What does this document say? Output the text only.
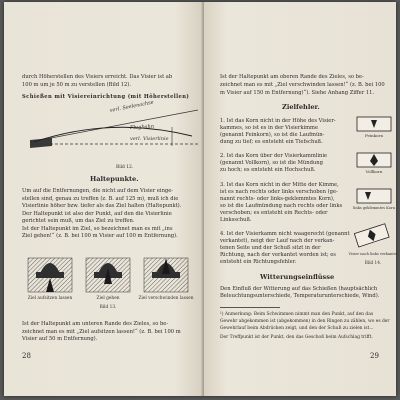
durch Höherstellen des Visiers erreicht. Das Visier ist ab
100 m um je 50 m zu verstellen (Bild 12).
Schießen mit Visiereinrichtung (mit Höherstellen)
verl. Seelenachse
Flugbahn
verl. Visierlinie
Bild 12.
Haltepunkte.
Um auf die Entfernungen, die nicht auf dem Visier einge-
stellen sind, genau zu treffen (z. B. auf 125 m), muß ich die
Visierlinie höher bzw. tiefer als das Ziel halten (Haltepunkt).
Der Haltepunkt ist also der Punkt, auf den die Visierlinie
gerichtet sein muß, um das Ziel zu treffen.
Ist der Haltepunkt im Ziel, so bezeichnet man es mit „ins
Ziel gehen!“ (z. B. bei 100 m Visier auf 100 m Entfernung).
Ziel aufsitzen lassen	Ziel gehen	Ziel verschwinden lassen
Bild 13.
Ist der Haltepunkt am unteren Rande des Zieles, so be-
zeichnet man es mit „Ziel aufsitzen lassen!“ (z. B. bei 100 m
Visier auf 50 m Entfernung).
28
Ist der Haltepunkt am oberen Rande des Zieles, so be-
zeichnet man es mit „Ziel verschwinden lassen!“ (z. B. bei 100
m Visier auf 150 m Entfernung)“). Siehe Anhang Ziffer 11.
Zielfehler.
1. Ist das Korn nicht in der Höhe des Visier-
kammes, so ist es in der Visierkimme
(genannt Feinkorn), so ist die Laufmün-
dung zu tief; es entsteht ein Tiefschuß.
Feinkorn
2. Ist das Korn über der Visierkammlinie
(genannt Vollkorn), so ist die Mündung
zu hoch; es entsteht ein Hochschuß.	Vollkorn
3. Ist das Korn nicht in der Mitte der Kimme,
ist es nach rechts oder links verschoben (ge-
nannt rechts- oder links-geklemmtes Korn),
so ist die Laufmündung nach rechts oder links
verschoben; es entsteht ein Rechts- oder
Linksschuß.
links geklemmtes Korn
4. Ist der Visierkamm nicht waagerecht (genannt
verkantet), neigt der Lauf nach der verkan-
tenen Seite und der Schuß sitzt in der
Richtung, nach der verkantet worden ist; es
entsteht ein Richtungsfehler.
Visier nach links verkantet
Bild 14.
Witterungseinflüsse
Den Einfluß der Witterung auf das Schießen (hauptsächlich
Beleuchtungsunterschiede, Temperaturunterschiede, Wind).
¹) Anmerkung: Beim Schwimmen nimmt man den Punkt, auf den das
Gewehr abgekommen ist (abgekommen) in den Ringen zu zählen, wo es der
Gewehrlauf beim Abdrücken zeigt, und den der Schuß zu zielen ist...
Der Treffpunkt ist der Punkt, den das Geschoß beim Aufschlag trifft.
29
